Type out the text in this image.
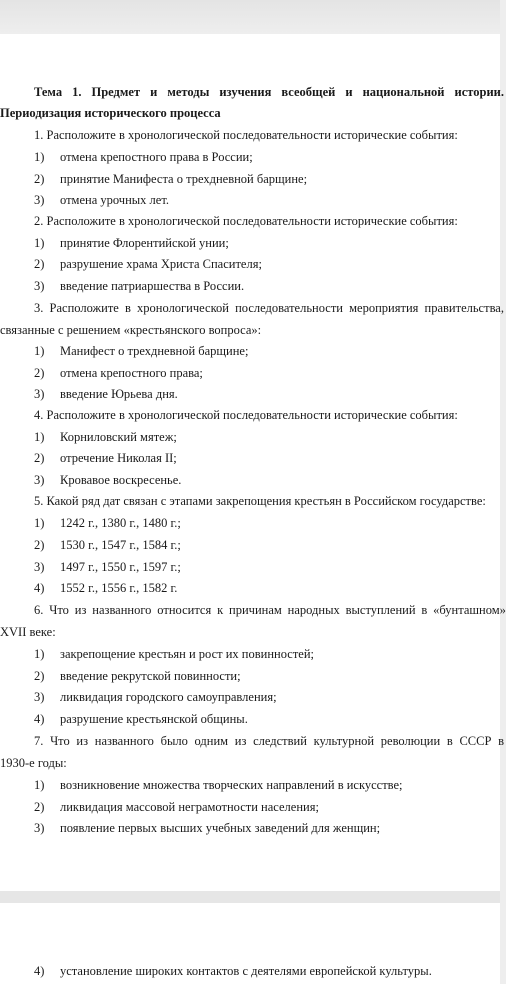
Тема 1. Предмет и методы изучения всеобщей и национальной истории.
Периодизация исторического процесса
1. Расположите в хронологической последовательности исторические события:
1) отмена крепостного права в России;
2) принятие Манифеста о трехдневной барщине;
3) отмена урочных лет.
2. Расположите в хронологической последовательности исторические события:
1) принятие Флорентийской унии;
2) разрушение храма Христа Спасителя;
3) введение патриаршества в России.
3. Расположите в хронологической последовательности мероприятия правительства,
связанные с решением «крестьянского вопроса»:
1) Манифест о трехдневной барщине;
2) отмена крепостного права;
3) введение Юрьева дня.
4. Расположите в хронологической последовательности исторические события:
1) Корниловский мятеж;
2) отречение Николая II;
3) Кровавое воскресенье.
5. Какой ряд дат связан с этапами закрепощения крестьян в Российском государстве:
1) 1242 г., 1380 г., 1480 г.;
2) 1530 г., 1547 г., 1584 г.;
3) 1497 г., 1550 г., 1597 г.;
4) 1552 г., 1556 г., 1582 г.
6. Что из названного относится к причинам народных выступлений в «бунташном»
XVII веке:
1) закрепощение крестьян и рост их повинностей;
2) введение рекрутской повинности;
3) ликвидация городского самоуправления;
4) разрушение крестьянской общины.
7. Что из названного было одним из следствий культурной революции в СССР в
1930-е годы:
1) возникновение множества творческих направлений в искусстве;
2) ликвидация массовой неграмотности населения;
3) появление первых высших учебных заведений для женщин;
4) установление широких контактов с деятелями европейской культуры.
